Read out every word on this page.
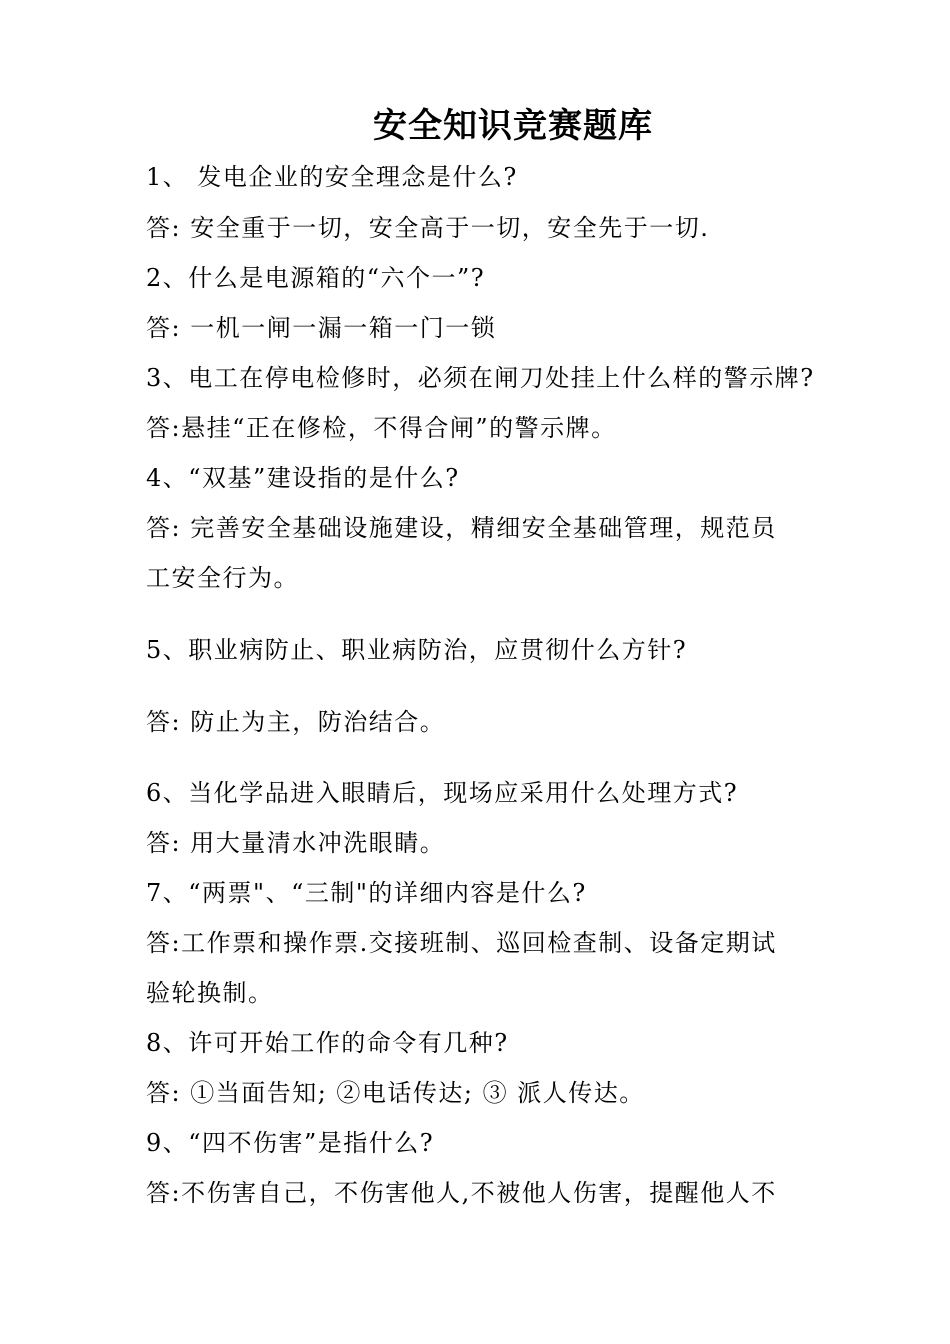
安全知识竞赛题库
1、 发电企业的安全理念是什么?
答: 安全重于一切，安全高于一切，安全先于一切.
2、什么是电源箱的“六个一”?
答: 一机一闸一漏一箱一门一锁
3、电工在停电检修时，必须在闸刀处挂上什么样的警示牌?
答:悬挂“正在修检，不得合闸”的警示牌。
4、“双基”建设指的是什么?
答: 完善安全基础设施建设，精细安全基础管理，规范员
工安全行为。
5、职业病防止、职业病防治，应贯彻什么方针?
答: 防止为主，防治结合。
6、当化学品进入眼睛后，现场应采用什么处理方式?
答: 用大量清水冲洗眼睛。
7、“两票"、“三制"的详细内容是什么?
答:工作票和操作票.交接班制、巡回检查制、设备定期试
验轮换制。
8、许可开始工作的命令有几种?
答: ①当面告知; ②电话传达; ③ 派人传达。
9、“四不伤害”是指什么?
答:不伤害自己，不伤害他人,不被他人伤害，提醒他人不
